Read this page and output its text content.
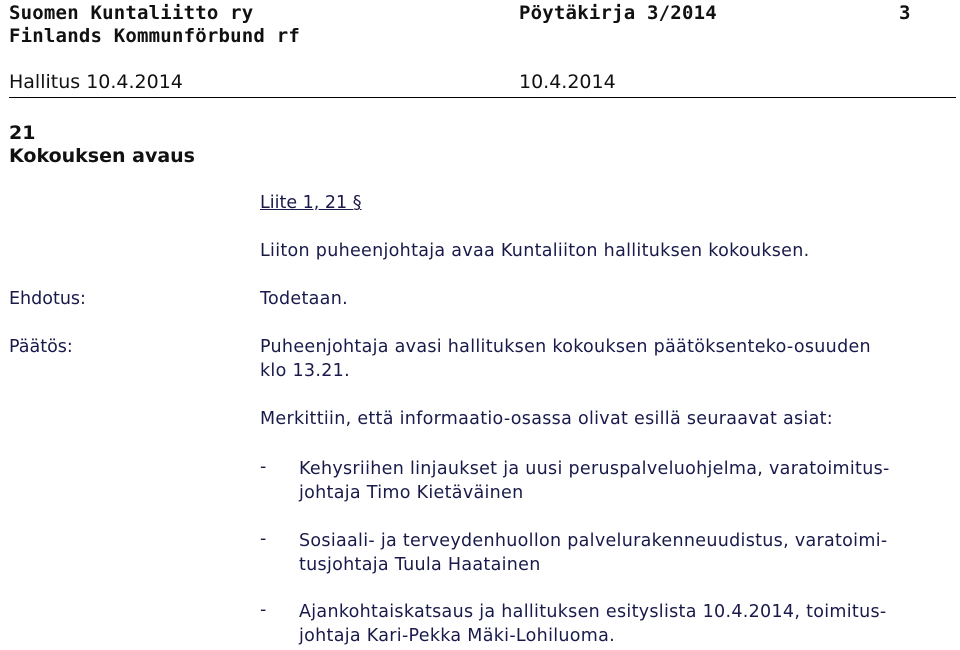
Suomen Kuntaliitto ry
Finlands Kommunförbund rf
Pöytäkirja 3/2014	3
Hallitus 10.4.2014	10.4.2014
21
Kokouksen avaus
Liite 1, 21 §
Liiton puheenjohtaja avaa Kuntaliiton hallituksen kokouksen.
Ehdotus:	Todetaan.
Päätös:	Puheenjohtaja avasi hallituksen kokouksen päätöksenteko-osuuden
klo 13.21.
Merkittiin, että informaatio-osassa olivat esillä seuraavat asiat:
- Kehysriihen linjaukset ja uusi peruspalveluohjelma, varatoimitus-
johtaja Timo Kietäväinen
- Sosiaali- ja terveydenhuollon palvelurakenneuudistus, varatoimi-
tusjohtaja Tuula Haatainen
- Ajankohtaiskatsaus ja hallituksen esityslista 10.4.2014, toimitus-
johtaja Kari-Pekka Mäki-Lohiluoma.
